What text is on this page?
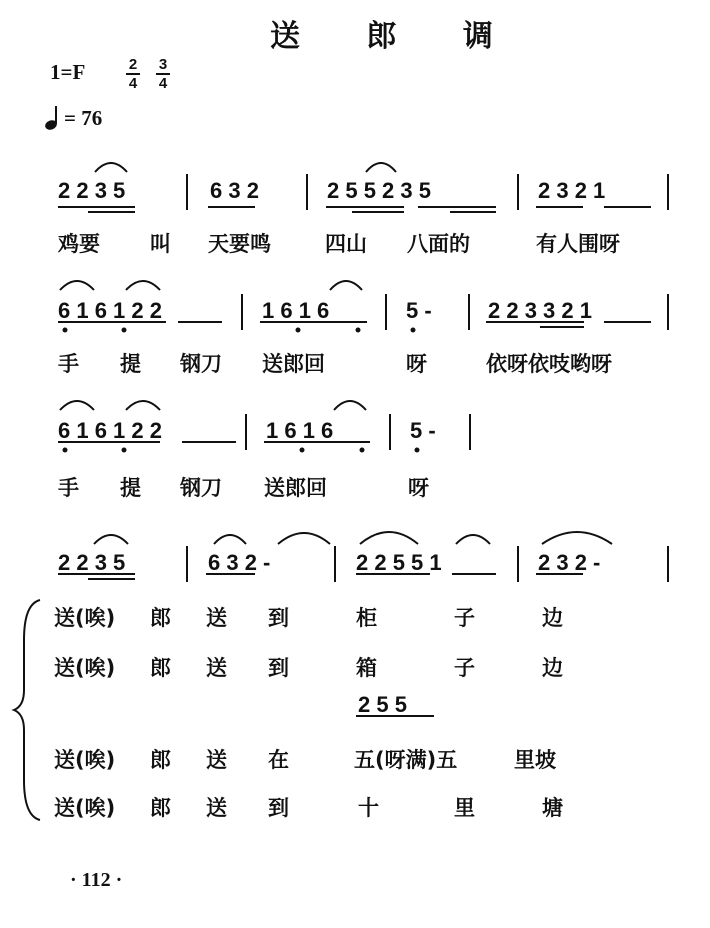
送 郎 调
1=F	$\frac{2}{4} \frac{3}{4}$
= 76
2 2 3 5	6 3 2	2 5 5 2 3 5	2 3 2 1
鸡要 叫 天要鸣	四山 八面的	有人围呀
6 1 6 1 2 2	1 6 1 6	5 -	2 2 3 3 2 1
手 提 钢刀 送郎回	呀	依呀依吱哟呀
6 1 6 1 2 2	1 6 1 6	5 -
手 提 钢刀 送郎回	呀
2 2 3 5	6 3 2 -	2 2 5 5 1	2 3 2 -
送(唉) 郎 送 到	柜	子	边
送(唉) 郎 送 到	箱	子	边
2 5 5
送(唉) 郎 送 在	五(呀满)五	里坡
送(唉) 郎 送 到	十	里	塘
· 112 ·
